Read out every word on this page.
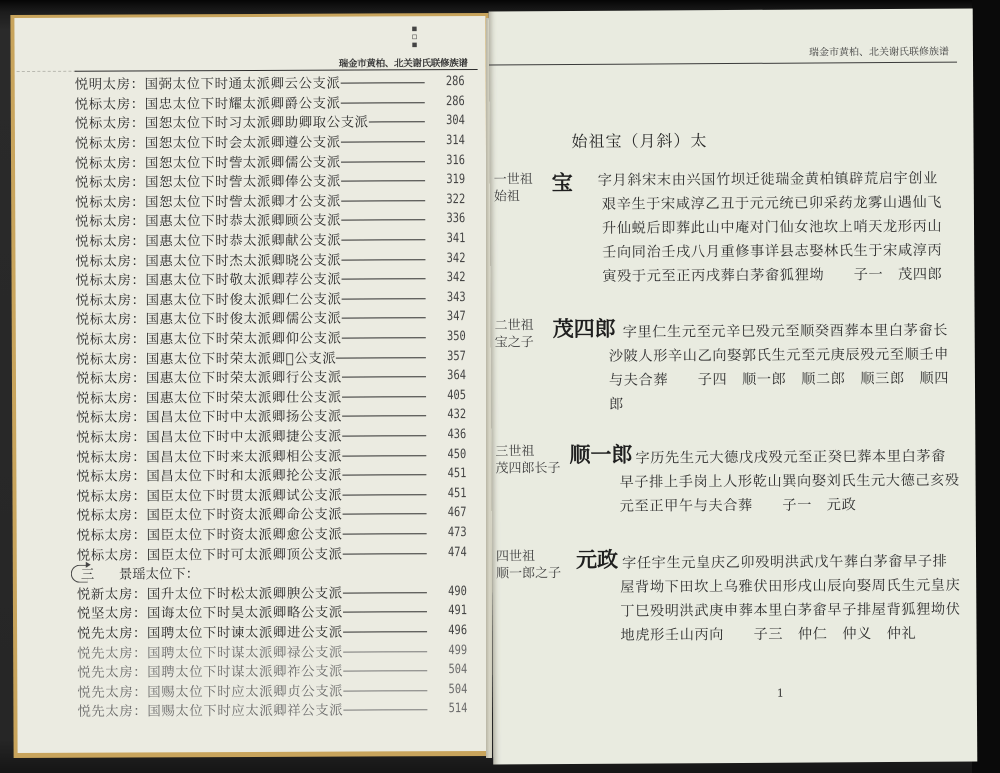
▪▫▪
瑞金市黄柏、北关谢氏联修族谱
悦明太房：国弼太位下时通太派卿云公支派	286
悦标太房：国忠太位下时耀太派卿爵公支派	286
悦标太房：国恕太位下时习太派卿助卿取公支派	304
悦标太房：国恕太位下时会太派卿遵公支派	314
悦标太房：国恕太位下时訾太派卿儒公支派	316
悦标太房：国恕太位下时訾太派卿俸公支派	319
悦标太房：国恕太位下时訾太派卿才公支派	322
悦标太房：国惠太位下时恭太派卿顾公支派	336
悦标太房：国惠太位下时恭太派卿献公支派	341
悦标太房：国惠太位下时杰太派卿晓公支派	342
悦标太房：国惠太位下时敬太派卿荐公支派	342
悦标太房：国惠太位下时俊太派卿仁公支派	343
悦标太房：国惠太位下时俊太派卿儒公支派	347
悦标太房：国惠太位下时荣太派卿仰公支派	350
悦标太房：国惠太位下时荣太派卿𠨖公支派	357
悦标太房：国惠太位下时荣太派卿行公支派	364
悦标太房：国惠太位下时荣太派卿仕公支派	405
悦标太房：国昌太位下时中太派卿扬公支派	432
悦标太房：国昌太位下时中太派卿捷公支派	436
悦标太房：国昌太位下时来太派卿相公支派	450
悦标太房：国昌太位下时和太派卿抡公支派	451
悦标太房：国臣太位下时贯太派卿试公支派	451
悦标太房：国臣太位下时资太派卿命公支派	467
悦标太房：国臣太位下时资太派卿愈公支派	473
悦标太房：国臣太位下时可太派卿顶公支派	474
三	景瑶太位下：
悦新太房：国升太位下时松太派卿腴公支派	490
悦坚太房：国诲太位下时昊太派卿略公支派	491
悦先太房：国聘太位下时谏太派卿进公支派	496
悦先太房：国聘太位下时谋太派卿禄公支派	499
悦先太房：国聘太位下时谋太派卿祚公支派	504
悦先太房：国赐太位下时应太派卿贞公支派	504
悦先太房：国赐太位下时应太派卿祥公支派	514
瑞金市黄柏、北关谢氏联修族谱
始祖宝（月斜）太
一世祖
始祖
宝 字月斜宋末由兴国竹坝迁徙瑞金黄柏镇辟荒启宇创业
艰辛生于宋咸淳乙丑于元元统已卯采药龙雾山遇仙飞
升仙蜕后即葬此山中庵对门仙女池坎上哨天龙形丙山
壬向同治壬戌八月重修事详县志娶林氏生于宋咸淳丙
寅殁于元至正丙戌葬白茅畲狐狸坳　　子一　茂四郎
二世祖
宝之子
茂四郎 字里仁生元至元辛巳殁元至顺癸酉葬本里白茅畲长
沙陂人形辛山乙向娶郭氏生元至元庚辰殁元至顺壬申
与夫合葬　　子四　顺一郎　顺二郎　顺三郎　顺四
郎
三世祖
茂四郎长子
顺一郎 字历先生元大德戊戌殁元至正癸巳葬本里白茅畲
早子排上手岗上人形乾山巽向娶刘氏生元大德己亥殁
元至正甲午与夫合葬　　子一　元政
四世祖
顺一郎之子
元政 字任宇生元皇庆乙卯殁明洪武戊午葬白茅畲早子排
屋背坳下田坎上乌雅伏田形戌山辰向娶周氏生元皇庆
丁巳殁明洪武庚申葬本里白茅畲早子排屋背狐狸坳伏
地虎形壬山丙向　　子三　仲仁　仲义　仲礼
1
